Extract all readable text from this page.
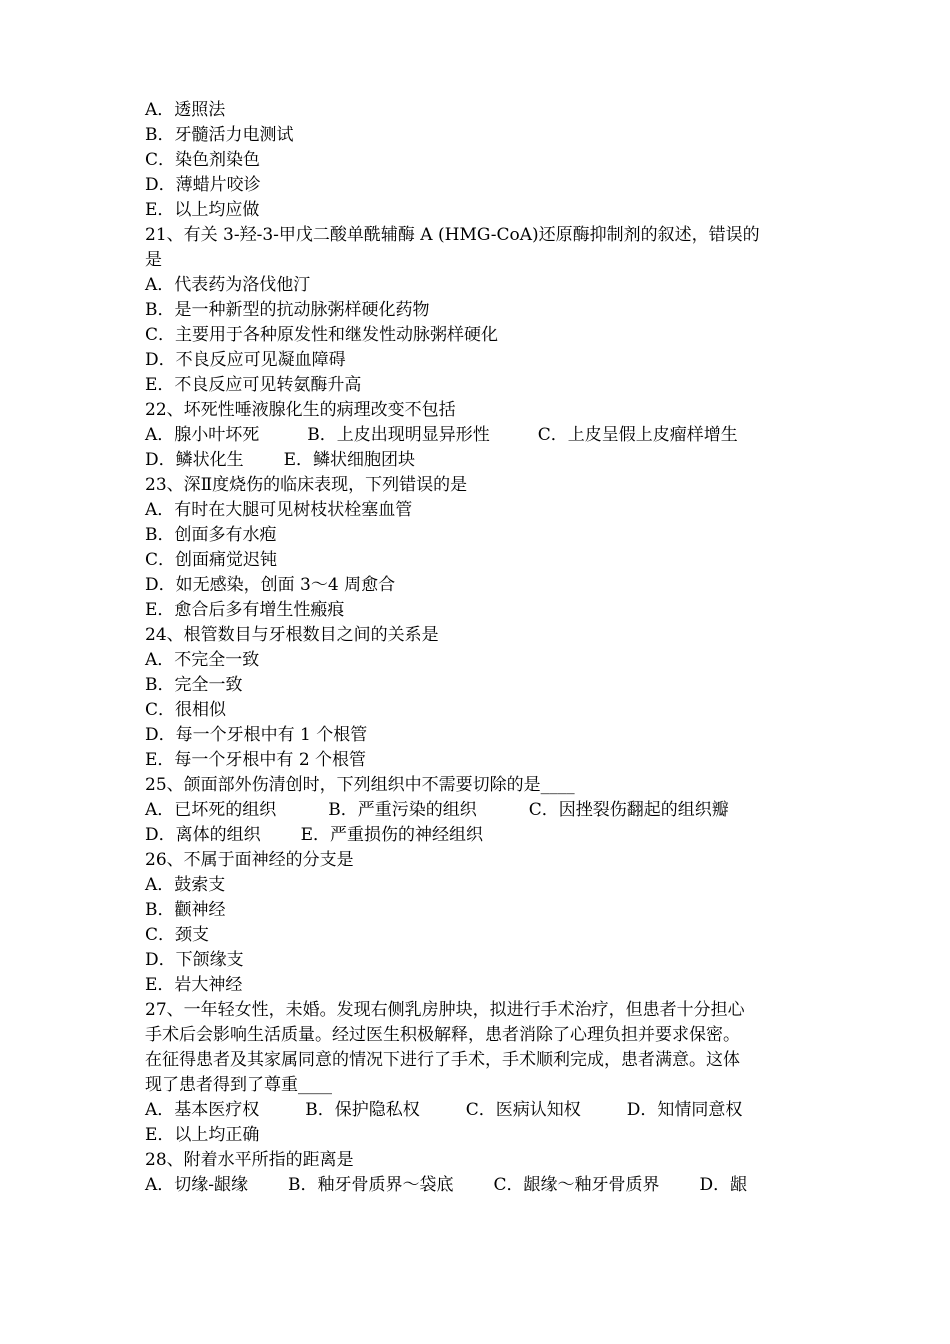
A．透照法
B．牙髓活力电测试
C．染色剂染色
D．薄蜡片咬诊
E．以上均应做
21、有关 3-羟-3-甲戊二酸单酰辅酶 A (HMG-CoA)还原酶抑制剂的叙述，错误的
是
A．代表药为洛伐他汀
B．是一种新型的抗动脉粥样硬化药物
C．主要用于各种原发性和继发性动脉粥样硬化
D．不良反应可见凝血障碍
E．不良反应可见转氨酶升高
22、坏死性唾液腺化生的病理改变不包括
A．腺小叶坏死	B．上皮出现明显异形性	C．上皮呈假上皮瘤样增生
D．鳞状化生 E．鳞状细胞团块
23、深Ⅱ度烧伤的临床表现，下列错误的是
A．有时在大腿可见树枝状栓塞血管
B．创面多有水疱
C．创面痛觉迟钝
D．如无感染，创面 3～4 周愈合
E．愈合后多有增生性瘢痕
24、根管数目与牙根数目之间的关系是
A．不完全一致
B．完全一致
C．很相似
D．每一个牙根中有 1 个根管
E．每一个牙根中有 2 个根管
25、颌面部外伤清创时，下列组织中不需要切除的是____
A．已坏死的组织	B．严重污染的组织	C．因挫裂伤翻起的组织瓣
D．离体的组织 E．严重损伤的神经组织
26、不属于面神经的分支是
A．鼓索支
B．颧神经
C．颈支
D．下颌缘支
E．岩大神经
27、一年轻女性，未婚。发现右侧乳房肿块，拟进行手术治疗，但患者十分担心
手术后会影响生活质量。经过医生积极解释，患者消除了心理负担并要求保密。
在征得患者及其家属同意的情况下进行了手术，手术顺利完成，患者满意。这体
现了患者得到了尊重____
A．基本医疗权	B．保护隐私权	C．医病认知权	D．知情同意权
E．以上均正确
28、附着水平所指的距离是
A．切缘-龈缘 B．釉牙骨质界～袋底 C．龈缘～釉牙骨质界 D．龈
